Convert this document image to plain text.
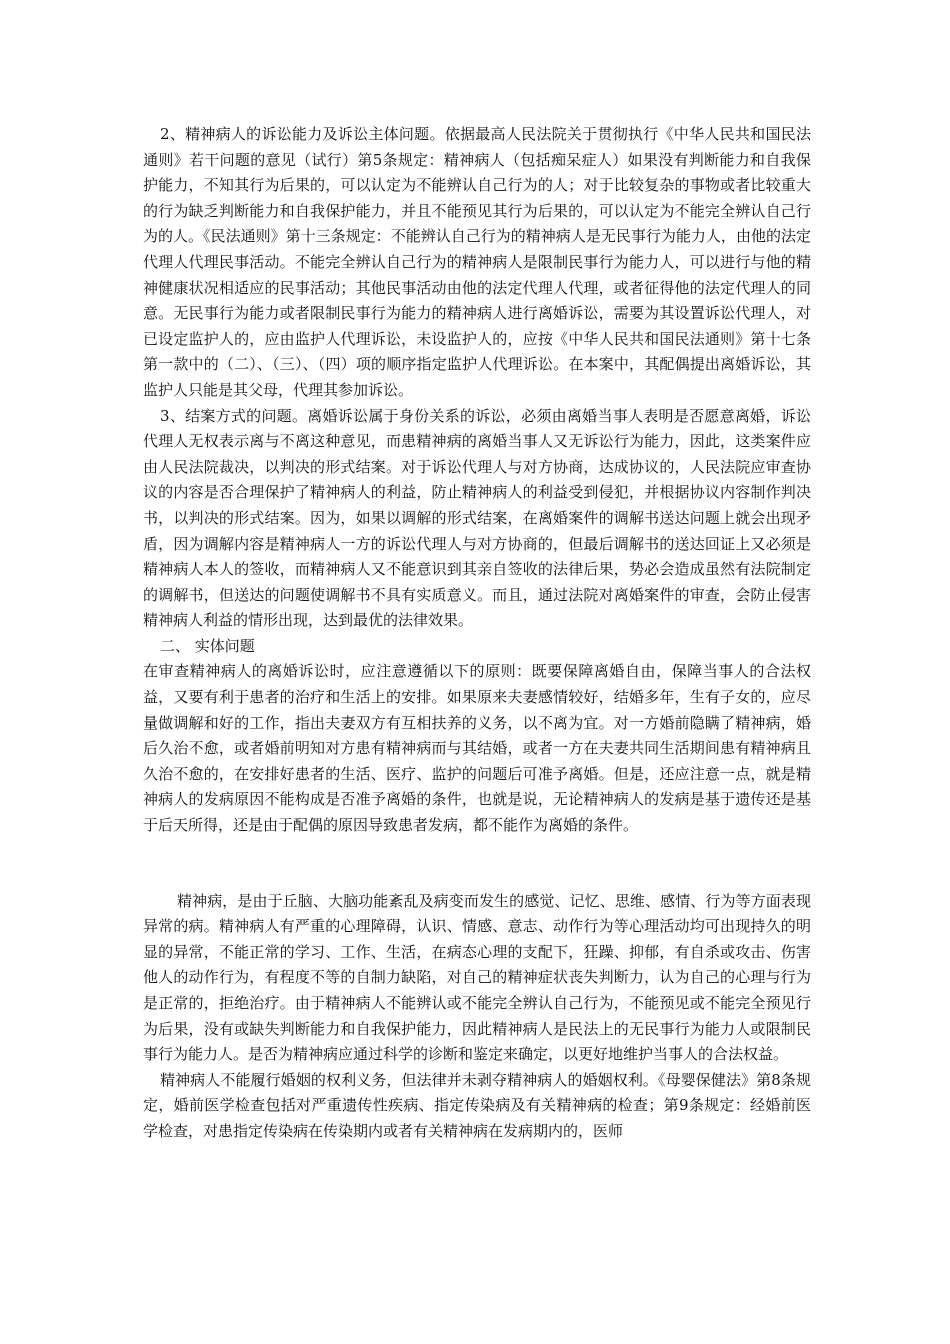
2、精神病人的诉讼能力及诉讼主体问题。依据最高人民法院关于贯彻执行《中华人民共和国民法通则》若干问题的意见（试行）第5条规定：精神病人（包括痴呆症人）如果没有判断能力和自我保护能力，不知其行为后果的，可以认定为不能辨认自己行为的人；对于比较复杂的事物或者比较重大的行为缺乏判断能力和自我保护能力，并且不能预见其行为后果的，可以认定为不能完全辨认自己行为的人。《民法通则》第十三条规定：不能辨认自己行为的精神病人是无民事行为能力人，由他的法定代理人代理民事活动。不能完全辨认自己行为的精神病人是限制民事行为能力人，可以进行与他的精神健康状况相适应的民事活动；其他民事活动由他的法定代理人代理，或者征得他的法定代理人的同意。无民事行为能力或者限制民事行为能力的精神病人进行离婚诉讼，需要为其设置诉讼代理人，对已设定监护人的，应由监护人代理诉讼，未设监护人的，应按《中华人民共和国民法通则》第十七条第一款中的（二）、（三）、（四）项的顺序指定监护人代理诉讼。在本案中，其配偶提出离婚诉讼，其监护人只能是其父母，代理其参加诉讼。

3、结案方式的问题。离婚诉讼属于身份关系的诉讼，必须由离婚当事人表明是否愿意离婚，诉讼代理人无权表示离与不离这种意见，而患精神病的离婚当事人又无诉讼行为能力，因此，这类案件应由人民法院裁决，以判决的形式结案。对于诉讼代理人与对方协商，达成协议的，人民法院应审查协议的内容是否合理保护了精神病人的利益，防止精神病人的利益受到侵犯，并根据协议内容制作判决书，以判决的形式结案。因为，如果以调解的形式结案，在离婚案件的调解书送达问题上就会出现矛盾，因为调解内容是精神病人一方的诉讼代理人与对方协商的，但最后调解书的送达回证上又必须是精神病人本人的签收，而精神病人又不能意识到其亲自签收的法律后果，势必会造成虽然有法院制定的调解书，但送达的问题使调解书不具有实质意义。而且，通过法院对离婚案件的审查，会防止侵害精神病人利益的情形出现，达到最优的法律效果。

二、 实体问题

在审查精神病人的离婚诉讼时，应注意遵循以下的原则：既要保障离婚自由，保障当事人的合法权益，又要有利于患者的治疗和生活上的安排。如果原来夫妻感情较好，结婚多年，生有子女的，应尽量做调解和好的工作，指出夫妻双方有互相扶养的义务，以不离为宜。对一方婚前隐瞒了精神病，婚后久治不愈，或者婚前明知对方患有精神病而与其结婚，或者一方在夫妻共同生活期间患有精神病且久治不愈的，在安排好患者的生活、医疗、监护的问题后可准予离婚。但是，还应注意一点，就是精神病人的发病原因不能构成是否准予离婚的条件，也就是说，无论精神病人的发病是基于遗传还是基于后天所得，还是由于配偶的原因导致患者发病，都不能作为离婚的条件。

精神病，是由于丘脑、大脑功能紊乱及病变而发生的感觉、记忆、思维、感情、行为等方面表现异常的病。精神病人有严重的心理障碍，认识、情感、意志、动作行为等心理活动均可出现持久的明显的异常，不能正常的学习、工作、生活，在病态心理的支配下，狂躁、抑郁，有自杀或攻击、伤害他人的动作行为，有程度不等的自制力缺陷，对自己的精神症状丧失判断力，认为自己的心理与行为是正常的，拒绝治疗。由于精神病人不能辨认或不能完全辨认自己行为，不能预见或不能完全预见行为后果，没有或缺失判断能力和自我保护能力，因此精神病人是民法上的无民事行为能力人或限制民事行为能力人。是否为精神病应通过科学的诊断和鉴定来确定，以更好地维护当事人的合法权益。

精神病人不能履行婚姻的权利义务，但法律并未剥夺精神病人的婚姻权利。《母婴保健法》第8条规定，婚前医学检查包括对严重遗传性疾病、指定传染病及有关精神病的检查；第9条规定：经婚前医学检查，对患指定传染病在传染期内或者有关精神病在发病期内的，医师
